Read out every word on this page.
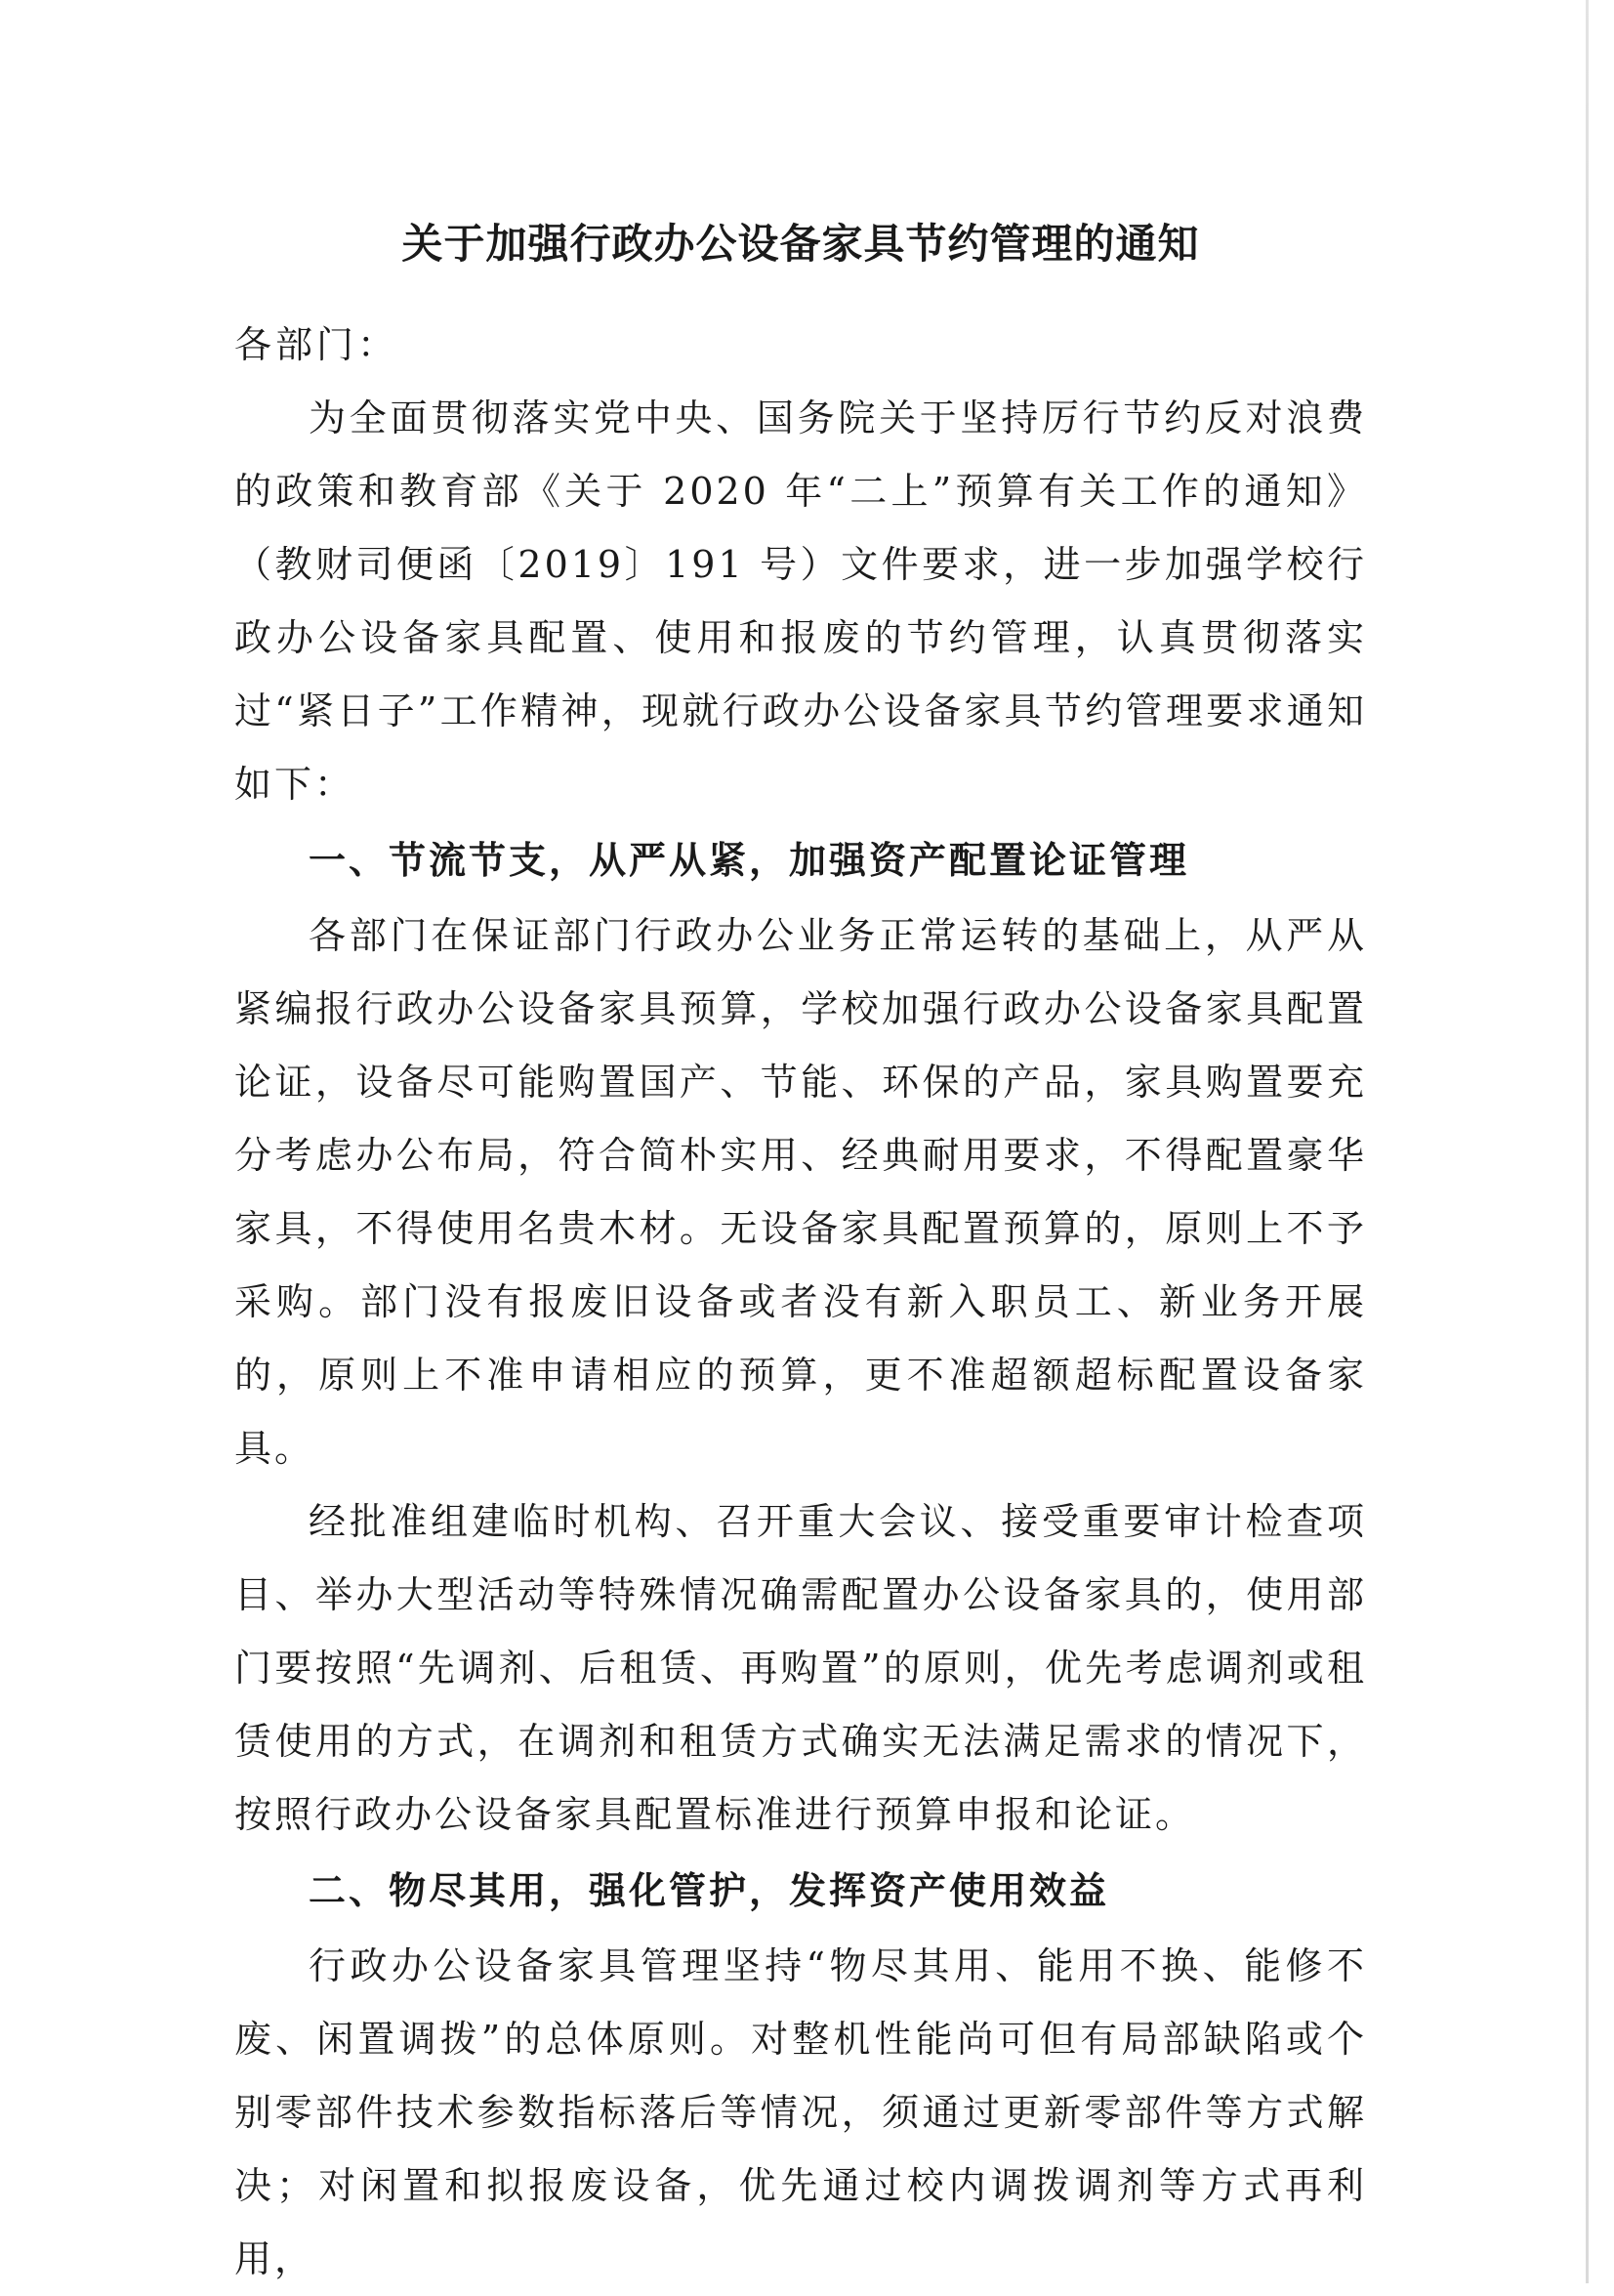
关于加强行政办公设备家具节约管理的通知

各部门：

为全面贯彻落实党中央、国务院关于坚持厉行节约反对浪费的政策和教育部《关于 2020 年“二上”预算有关工作的通知》（教财司便函〔2019〕191 号）文件要求，进一步加强学校行政办公设备家具配置、使用和报废的节约管理，认真贯彻落实过“紧日子”工作精神，现就行政办公设备家具节约管理要求通知如下：

一、节流节支，从严从紧，加强资产配置论证管理

各部门在保证部门行政办公业务正常运转的基础上，从严从紧编报行政办公设备家具预算，学校加强行政办公设备家具配置论证，设备尽可能购置国产、节能、环保的产品，家具购置要充分考虑办公布局，符合简朴实用、经典耐用要求，不得配置豪华家具，不得使用名贵木材。无设备家具配置预算的，原则上不予采购。部门没有报废旧设备或者没有新入职员工、新业务开展的，原则上不准申请相应的预算，更不准超额超标配置设备家具。

经批准组建临时机构、召开重大会议、接受重要审计检查项目、举办大型活动等特殊情况确需配置办公设备家具的，使用部门要按照“先调剂、后租赁、再购置”的原则，优先考虑调剂或租赁使用的方式，在调剂和租赁方式确实无法满足需求的情况下，按照行政办公设备家具配置标准进行预算申报和论证。

二、物尽其用，强化管护，发挥资产使用效益

行政办公设备家具管理坚持“物尽其用、能用不换、能修不废、闲置调拨”的总体原则。对整机性能尚可但有局部缺陷或个别零部件技术参数指标落后等情况，须通过更新零部件等方式解决；对闲置和拟报废设备，优先通过校内调拨调剂等方式再利用，
